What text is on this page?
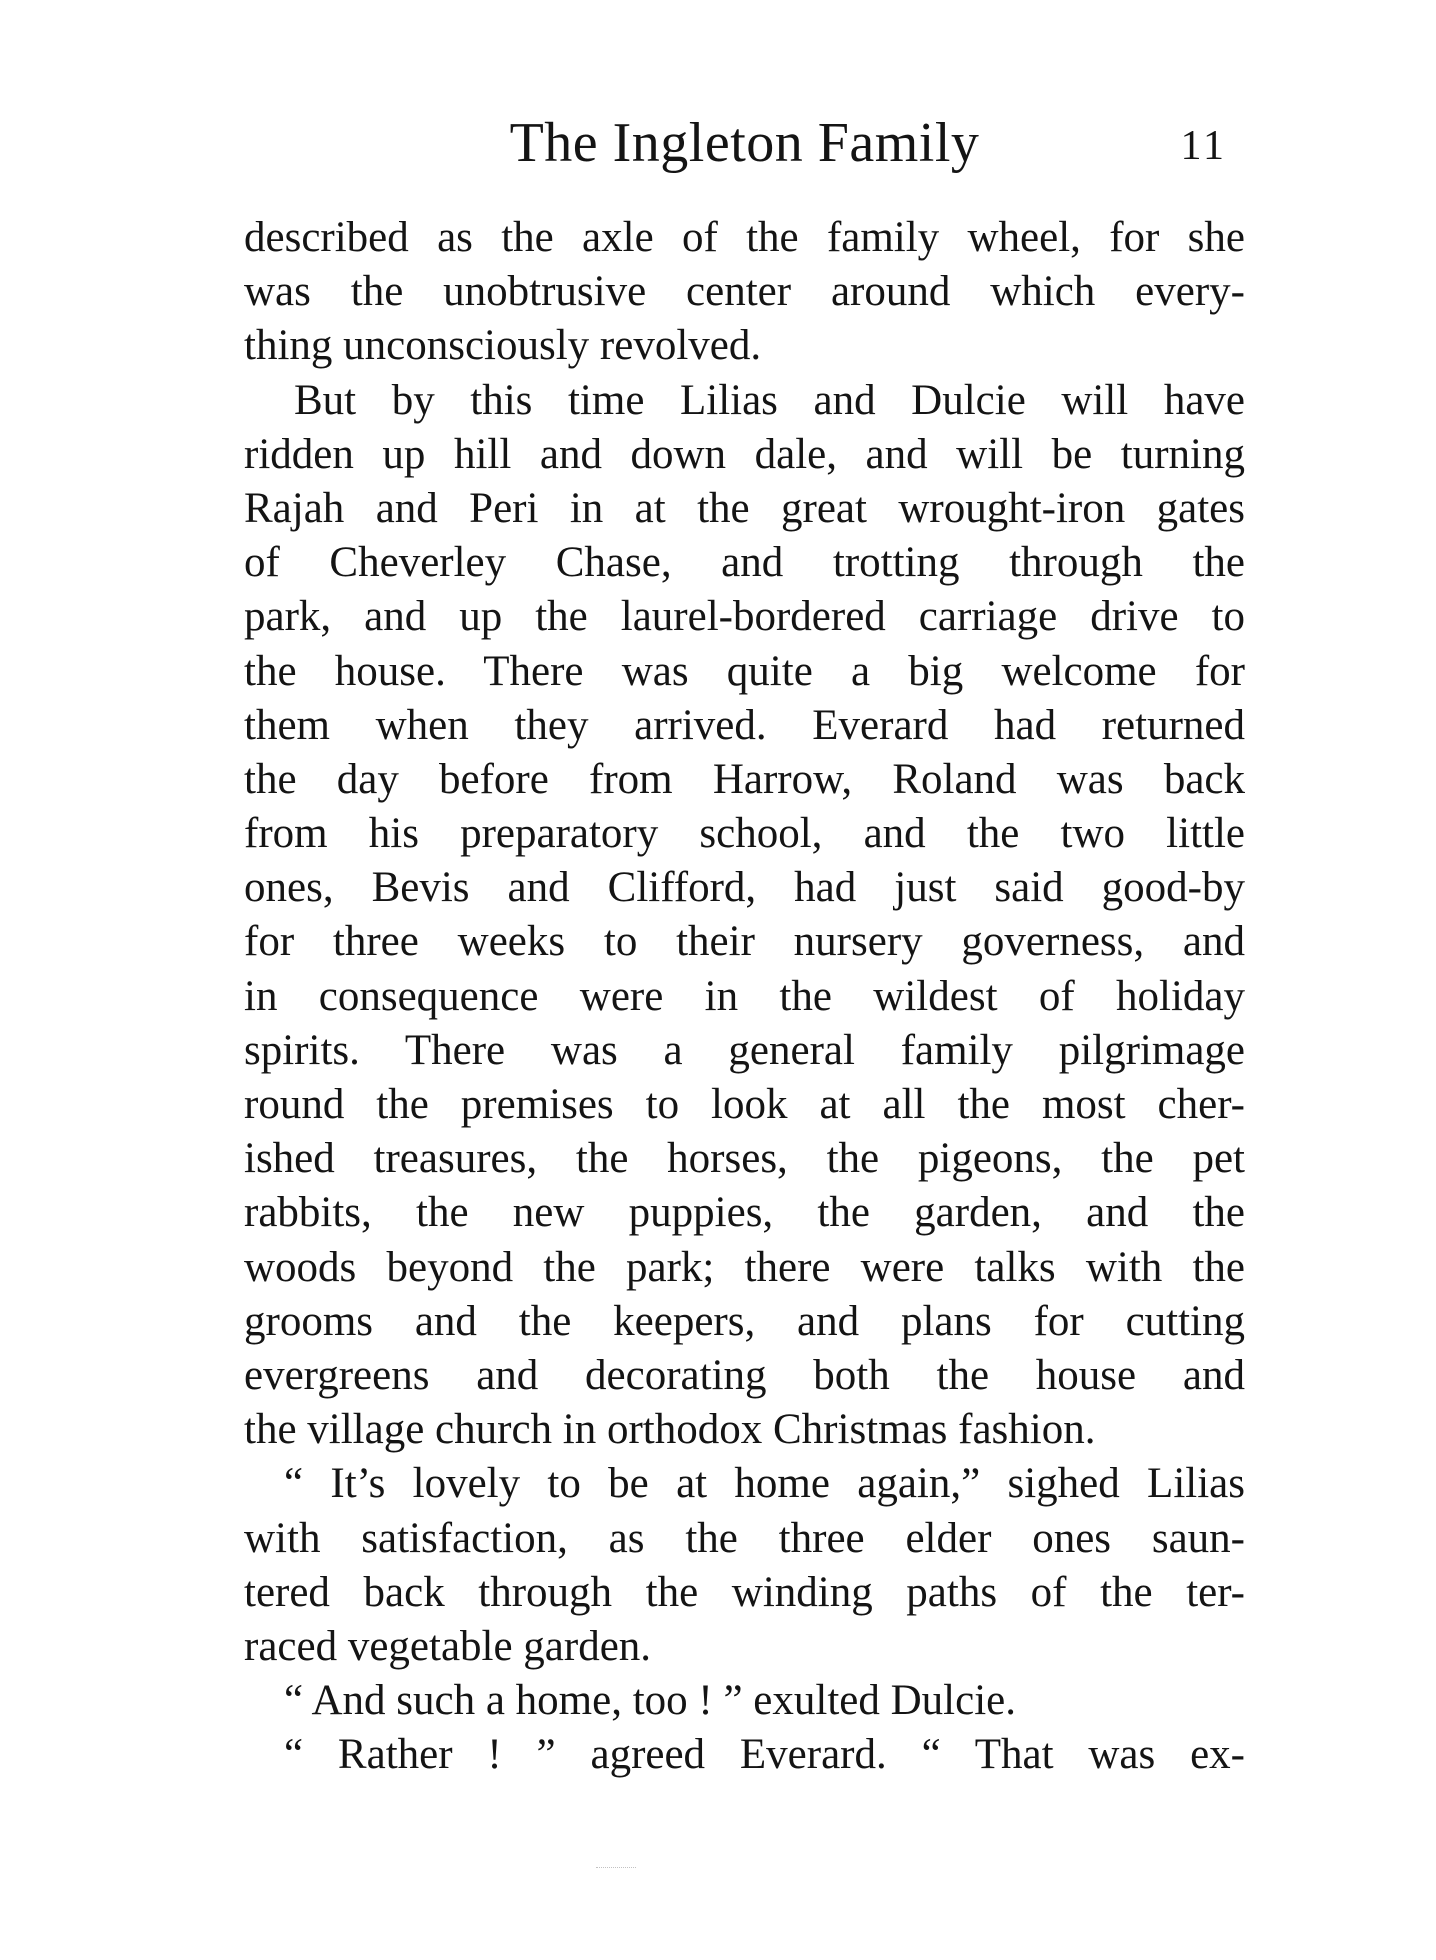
The Ingleton Family	11
described as the axle of the family wheel, for she
was the unobtrusive center around which every-
thing unconsciously revolved.
But by this time Lilias and Dulcie will have
ridden up hill and down dale, and will be turning
Rajah and Peri in at the great wrought-iron gates
of Cheverley Chase, and trotting through the
park, and up the laurel-bordered carriage drive to
the house. There was quite a big welcome for
them when they arrived. Everard had returned
the day before from Harrow, Roland was back
from his preparatory school, and the two little
ones, Bevis and Clifford, had just said good-by
for three weeks to their nursery governess, and
in consequence were in the wildest of holiday
spirits. There was a general family pilgrimage
round the premises to look at all the most cher-
ished treasures, the horses, the pigeons, the pet
rabbits, the new puppies, the garden, and the
woods beyond the park; there were talks with the
grooms and the keepers, and plans for cutting
evergreens and decorating both the house and
the village church in orthodox Christmas fashion.
“ It’s lovely to be at home again,” sighed Lilias
with satisfaction, as the three elder ones saun-
tered back through the winding paths of the ter-
raced vegetable garden.
“ And such a home, too ! ” exulted Dulcie.
“ Rather ! ” agreed Everard. “ That was ex-
